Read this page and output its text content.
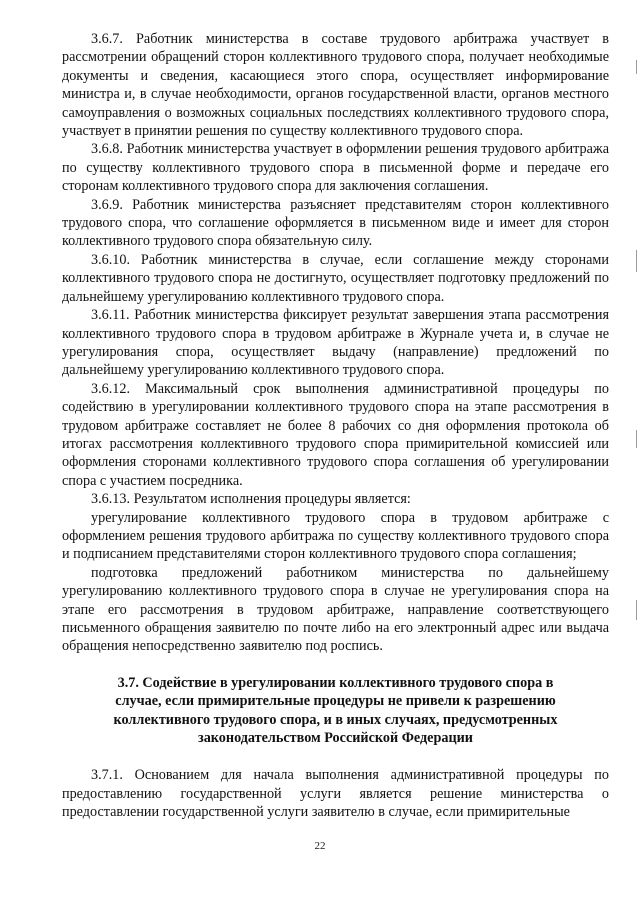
3.6.7. Работник министерства в составе трудового арбитража участвует в рассмотрении обращений сторон коллективного трудового спора, получает необходимые документы и сведения, касающиеся этого спора, осуществляет информирование министра и, в случае необходимости, органов государственной власти, органов местного самоуправления о возможных социальных последствиях коллективного трудового спора, участвует в принятии решения по существу коллективного трудового спора.

3.6.8. Работник министерства участвует в оформлении решения трудового арбитража по существу коллективного трудового спора в письменной форме и передаче его сторонам коллективного трудового спора для заключения соглашения.

3.6.9. Работник министерства разъясняет представителям сторон коллективного трудового спора, что соглашение оформляется в письменном виде и имеет для сторон коллективного трудового спора обязательную силу.

3.6.10. Работник министерства в случае, если соглашение между сторонами коллективного трудового спора не достигнуто, осуществляет подготовку предложений по дальнейшему урегулированию коллективного трудового спора.

3.6.11. Работник министерства фиксирует результат завершения этапа рассмотрения коллективного трудового спора в трудовом арбитраже в Журнале учета и, в случае не урегулирования спора, осуществляет выдачу (направление) предложений по дальнейшему урегулированию коллективного трудового спора.

3.6.12. Максимальный срок выполнения административной процедуры по содействию в урегулировании коллективного трудового спора на этапе рассмотрения в трудовом арбитраже составляет не более 8 рабочих со дня оформления протокола об итогах рассмотрения коллективного трудового спора примирительной комиссией или оформления сторонами коллективного трудового спора соглашения об урегулировании спора с участием посредника.

3.6.13. Результатом исполнения процедуры является:

урегулирование коллективного трудового спора в трудовом арбитраже с оформлением решения трудового арбитража по существу коллективного трудового спора и подписанием представителями сторон коллективного трудового спора соглашения;

подготовка предложений работником министерства по дальнейшему урегулированию коллективного трудового спора в случае не урегулирования спора на этапе его рассмотрения в трудовом арбитраже, направление соответствующего письменного обращения заявителю по почте либо на его электронный адрес или выдача обращения непосредственно заявителю под роспись.

3.7. Содействие в урегулировании коллективного трудового спора в случае, если примирительные процедуры не привели к разрешению коллективного трудового спора, и в иных случаях, предусмотренных законодательством Российской Федерации

3.7.1. Основанием для начала выполнения административной процедуры по предоставлению государственной услуги является решение министерства о предоставлении государственной услуги заявителю в случае, если примирительные

22
